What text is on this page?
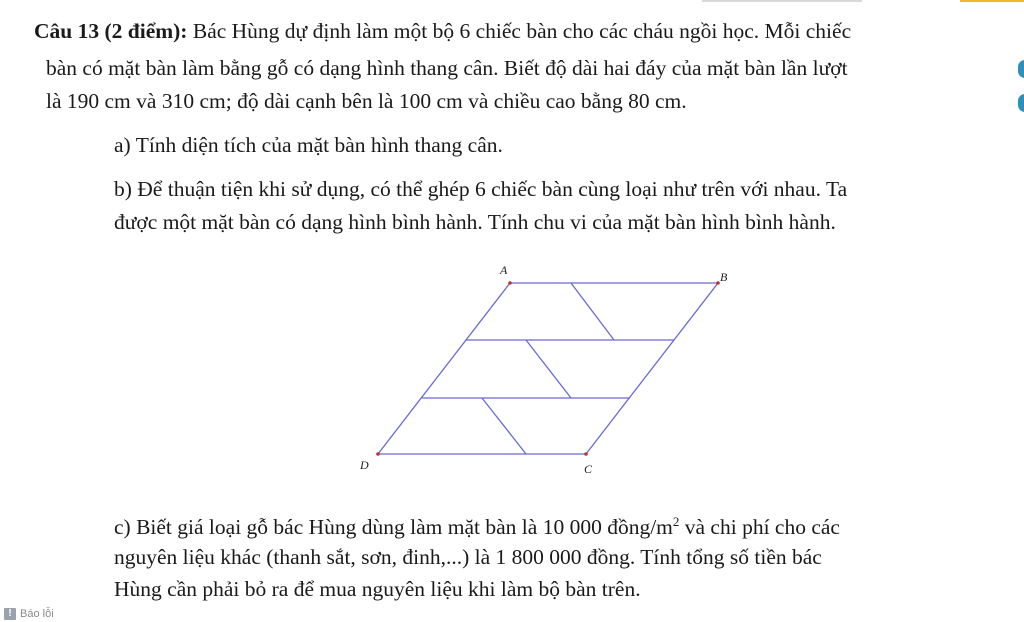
Câu 13 (2 điểm): Bác Hùng dự định làm một bộ 6 chiếc bàn cho các cháu ngồi học. Mỗi chiếc
bàn có mặt bàn làm bằng gỗ có dạng hình thang cân. Biết độ dài hai đáy của mặt bàn lần lượt
là 190 cm và 310 cm; độ dài cạnh bên là 100 cm và chiều cao bằng 80 cm.
a) Tính diện tích của mặt bàn hình thang cân.
b) Để thuận tiện khi sử dụng, có thể ghép 6 chiếc bàn cùng loại như trên với nhau. Ta
được một mặt bàn có dạng hình bình hành. Tính chu vi của mặt bàn hình bình hành.
A	B
C
D
c) Biết giá loại gỗ bác Hùng dùng làm mặt bàn là 10 000 đồng/$m^2$ và chi phí cho các
nguyên liệu khác (thanh sắt, sơn, đinh,...) là 1 800 000 đồng. Tính tổng số tiền bác
Hùng cần phải bỏ ra để mua nguyên liệu khi làm bộ bàn trên.
! Báo lỗi
